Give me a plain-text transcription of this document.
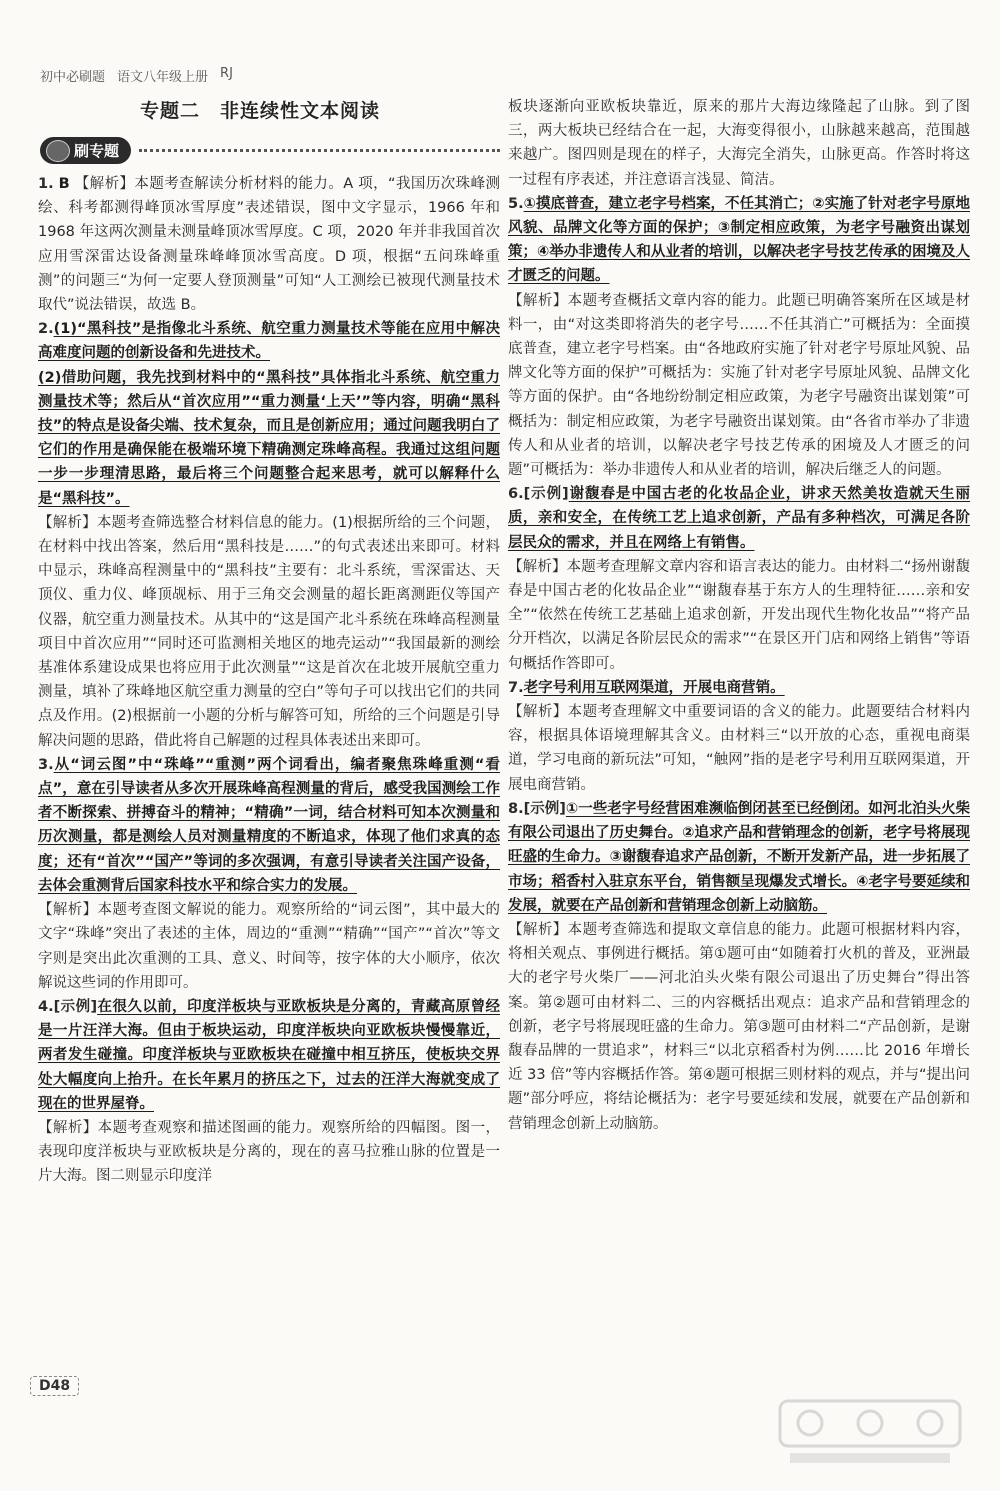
初中必刷题 语文八年级上册 RJ
专题二　非连续性文本阅读
刷专题

1. B 【解析】本题考查解读分析材料的能力。A 项，“我国历次珠峰测绘、科考都测得峰顶冰雪厚度”表述错误，图中文字显示，1966 年和 1968 年这两次测量未测量峰顶冰雪厚度。C 项，2020 年并非我国首次应用雪深雷达设备测量珠峰峰顶冰雪高度。D 项，根据“五问珠峰重测”的问题三“为何一定要人登顶测量”可知“人工测绘已被现代测量技术取代”说法错误，故选 B。

2.(1)“黑科技”是指像北斗系统、航空重力测量技术等能在应用中解决高难度问题的创新设备和先进技术。

(2)借助问题，我先找到材料中的“黑科技”具体指北斗系统、航空重力测量技术等；然后从“首次应用”“重力测量‘上天’”等内容，明确“黑科技”的特点是设备尖端、技术复杂，而且是创新应用；通过问题我明白了它们的作用是确保能在极端环境下精确测定珠峰高程。我通过这组问题一步一步理清思路，最后将三个问题整合起来思考，就可以解释什么是“黑科技”。

【解析】本题考查筛选整合材料信息的能力。(1)根据所给的三个问题，在材料中找出答案，然后用“黑科技是……”的句式表述出来即可。材料中显示，珠峰高程测量中的“黑科技”主要有：北斗系统，雪深雷达、天顶仪、重力仪、峰顶觇标、用于三角交会测量的超长距离测距仪等国产仪器，航空重力测量技术。从其中的“这是国产北斗系统在珠峰高程测量项目中首次应用”“同时还可监测相关地区的地壳运动”“我国最新的测绘基准体系建设成果也将应用于此次测量”“这是首次在北坡开展航空重力测量，填补了珠峰地区航空重力测量的空白”等句子可以找出它们的共同点及作用。(2)根据前一小题的分析与解答可知，所给的三个问题是引导解决问题的思路，借此将自己解题的过程具体表述出来即可。

3.从“词云图”中“珠峰”“重测”两个词看出，编者聚焦珠峰重测“看点”，意在引导读者从多次开展珠峰高程测量的背后，感受我国测绘工作者不断探索、拼搏奋斗的精神；“精确”一词，结合材料可知本次测量和历次测量，都是测绘人员对测量精度的不断追求，体现了他们求真的态度；还有“首次”“国产”等词的多次强调，有意引导读者关注国产设备，去体会重测背后国家科技水平和综合实力的发展。

【解析】本题考查图文解说的能力。观察所给的“词云图”，其中最大的文字“珠峰”突出了表述的主体，周边的“重测”“精确”“国产”“首次”等文字则是突出此次重测的工具、意义、时间等，按字体的大小顺序，依次解说这些词的作用即可。

4.[示例]在很久以前，印度洋板块与亚欧板块是分离的，青藏高原曾经是一片汪洋大海。但由于板块运动，印度洋板块向亚欧板块慢慢靠近，两者发生碰撞。印度洋板块与亚欧板块在碰撞中相互挤压，使板块交界处大幅度向上抬升。在长年累月的挤压之下，过去的汪洋大海就变成了现在的世界屋脊。

【解析】本题考查观察和描述图画的能力。观察所给的四幅图。图一，表现印度洋板块与亚欧板块是分离的，现在的喜马拉雅山脉的位置是一片大海。图二则显示印度洋

板块逐渐向亚欧板块靠近，原来的那片大海边缘隆起了山脉。到了图三，两大板块已经结合在一起，大海变得很小，山脉越来越高，范围越来越广。图四则是现在的样子，大海完全消失，山脉更高。作答时将这一过程有序表述，并注意语言浅显、简洁。

5.①摸底普查，建立老字号档案，不任其消亡；②实施了针对老字号原地风貌、品牌文化等方面的保护；③制定相应政策，为老字号融资出谋划策；④举办非遗传人和从业者的培训，以解决老字号技艺传承的困境及人才匮乏的问题。

【解析】本题考查概括文章内容的能力。此题已明确答案所在区域是材料一，由“对这类即将消失的老字号……不任其消亡”可概括为：全面摸底普查，建立老字号档案。由“各地政府实施了针对老字号原址风貌、品牌文化等方面的保护”可概括为：实施了针对老字号原址风貌、品牌文化等方面的保护。由“各地纷纷制定相应政策，为老字号融资出谋划策”可概括为：制定相应政策，为老字号融资出谋划策。由“各省市举办了非遗传人和从业者的培训，以解决老字号技艺传承的困境及人才匮乏的问题”可概括为：举办非遗传人和从业者的培训，解决后继乏人的问题。

6.[示例]谢馥春是中国古老的化妆品企业，讲求天然美妆造就天生丽质，亲和安全，在传统工艺上追求创新，产品有多种档次，可满足各阶层民众的需求，并且在网络上有销售。

【解析】本题考查理解文章内容和语言表达的能力。由材料二“扬州谢馥春是中国古老的化妆品企业”“谢馥春基于东方人的生理特征……亲和安全”“依然在传统工艺基础上追求创新，开发出现代生物化妆品”“将产品分开档次，以满足各阶层民众的需求”“在景区开门店和网络上销售”等语句概括作答即可。

7.老字号利用互联网渠道，开展电商营销。

【解析】本题考查理解文中重要词语的含义的能力。此题要结合材料内容，根据具体语境理解其含义。由材料三“以开放的心态，重视电商渠道，学习电商的新玩法”可知，“触网”指的是老字号利用互联网渠道，开展电商营销。

8.[示例]①一些老字号经营困难濒临倒闭甚至已经倒闭。如河北泊头火柴有限公司退出了历史舞台。②追求产品和营销理念的创新，老字号将展现旺盛的生命力。③谢馥春追求产品创新，不断开发新产品，进一步拓展了市场；稻香村入驻京东平台，销售额呈现爆发式增长。④老字号要延续和发展，就要在产品创新和营销理念创新上动脑筋。

【解析】本题考查筛选和提取文章信息的能力。此题可根据材料内容，将相关观点、事例进行概括。第①题可由“如随着打火机的普及，亚洲最大的老字号火柴厂——河北泊头火柴有限公司退出了历史舞台”得出答案。第②题可由材料二、三的内容概括出观点：追求产品和营销理念的创新，老字号将展现旺盛的生命力。第③题可由材料二“产品创新，是谢馥春品牌的一贯追求”，材料三“以北京稻香村为例……比 2016 年增长近 33 倍”等内容概括作答。第④题可根据三则材料的观点，并与“提出问题”部分呼应，将结论概括为：老字号要延续和发展，就要在产品创新和营销理念创新上动脑筋。

D48
